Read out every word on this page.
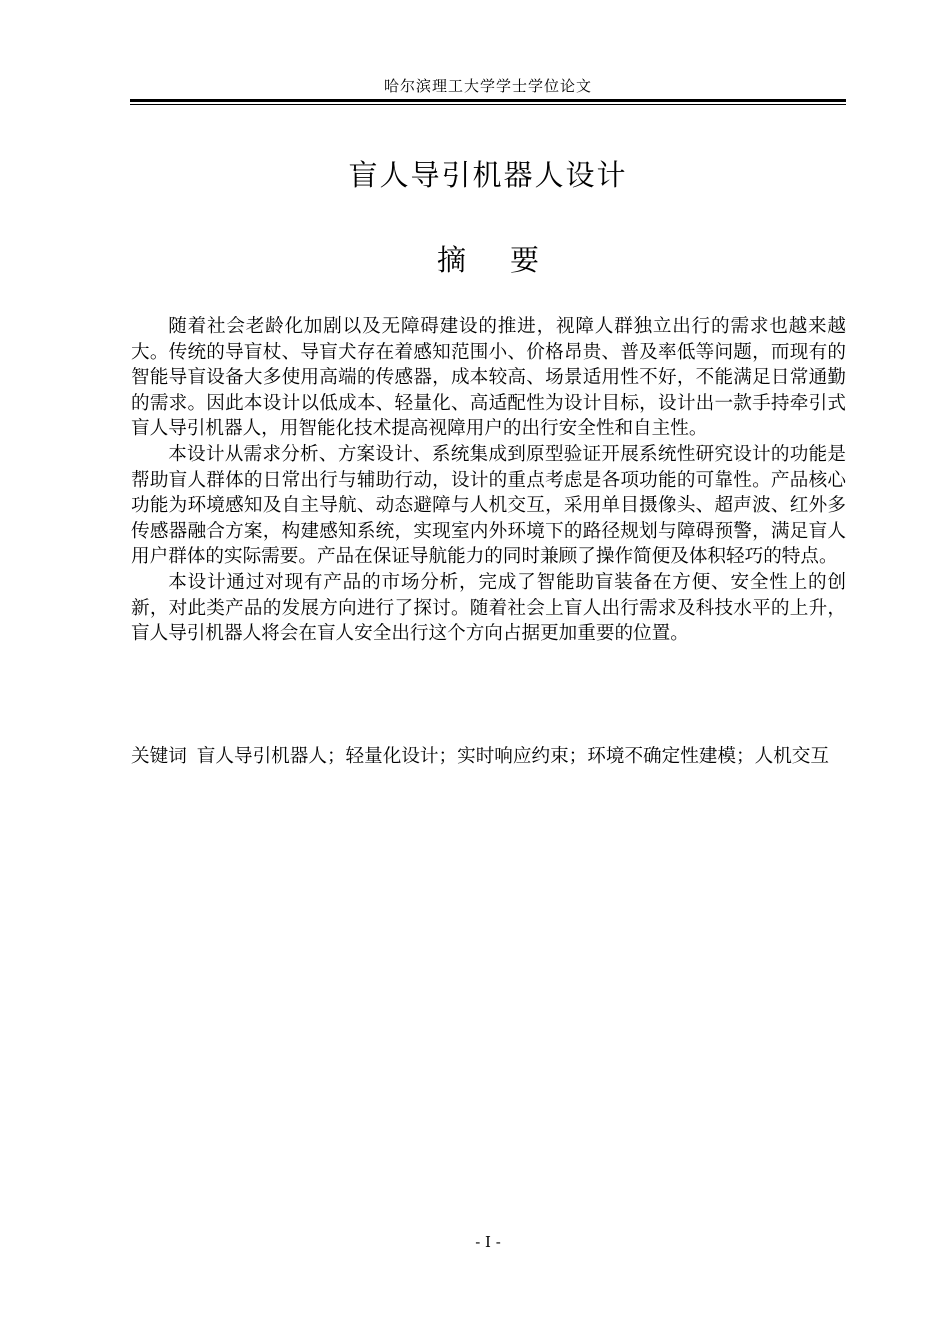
哈尔滨理工大学学士学位论文
盲人导引机器人设计
摘 要

随着社会老龄化加剧以及无障碍建设的推进，视障人群独立出行的需求也越来越大。传统的导盲杖、导盲犬存在着感知范围小、价格昂贵、普及率低等问题，而现有的智能导盲设备大多使用高端的传感器，成本较高、场景适用性不好，不能满足日常通勤的需求。因此本设计以低成本、轻量化、高适配性为设计目标，设计出一款手持牵引式盲人导引机器人，用智能化技术提高视障用户的出行安全性和自主性。

本设计从需求分析、方案设计、系统集成到原型验证开展系统性研究设计的功能是帮助盲人群体的日常出行与辅助行动，设计的重点考虑是各项功能的可靠性。产品核心功能为环境感知及自主导航、动态避障与人机交互，采用单目摄像头、超声波、红外多传感器融合方案，构建感知系统，实现室内外环境下的路径规划与障碍预警，满足盲人用户群体的实际需要。产品在保证导航能力的同时兼顾了操作简便及体积轻巧的特点。

本设计通过对现有产品的市场分析，完成了智能助盲装备在方便、安全性上的创新，对此类产品的发展方向进行了探讨。随着社会上盲人出行需求及科技水平的上升，盲人导引机器人将会在盲人安全出行这个方向占据更加重要的位置。

关键词 盲人导引机器人；轻量化设计；实时响应约束；环境不确定性建模；人机交互
- I -
